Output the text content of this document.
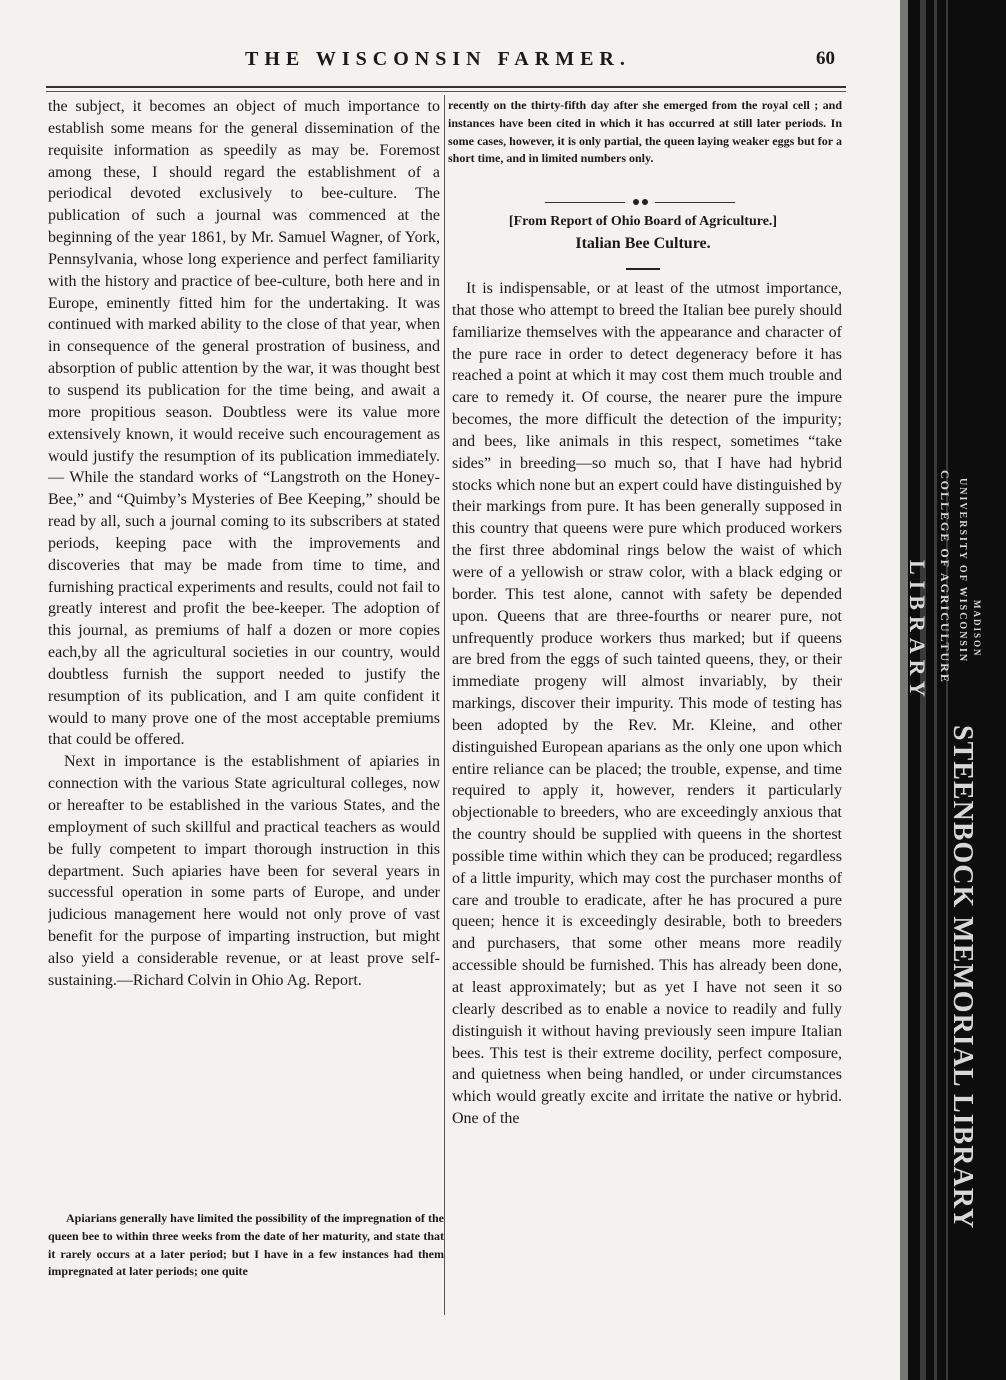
THE WISCONSIN FARMER.	60

the subject, it becomes an object of much importance to establish some means for the general dissemination of the requisite information as speedily as may be. Foremost among these, I should regard the establishment of a periodical devoted exclusively to bee-culture. The publication of such a journal was commenced at the beginning of the year 1861, by Mr. Samuel Wagner, of York, Pennsylvania, whose long experience and perfect familiarity with the history and practice of bee-culture, both here and in Europe, eminently fitted him for the undertaking. It was continued with marked ability to the close of that year, when in consequence of the general prostration of business, and absorption of public attention by the war, it was thought best to suspend its publication for the time being, and await a more propitious season. Doubtless were its value more extensively known, it would receive such encouragement as would justify the resumption of its publication immediately.— While the standard works of “Langstroth on the Honey-Bee,” and “Quimby’s Mysteries of Bee Keeping,” should be read by all, such a journal coming to its subscribers at stated periods, keeping pace with the improvements and discoveries that may be made from time to time, and furnishing practical experiments and results, could not fail to greatly interest and profit the bee-keeper. The adoption of this journal, as premiums of half a dozen or more copies each,by all the agricultural societies in our country, would doubtless furnish the support needed to justify the resumption of its publication, and I am quite confident it would to many prove one of the most acceptable premiums that could be offered.

Next in importance is the establishment of apiaries in connection with the various State agricultural colleges, now or hereafter to be established in the various States, and the employment of such skillful and practical teachers as would be fully competent to impart thorough instruction in this department. Such apiaries have been for several years in successful operation in some parts of Europe, and under judicious management here would not only prove of vast benefit for the purpose of imparting instruction, but might also yield a considerable revenue, or at least prove self-sustaining.—Richard Colvin in Ohio Ag. Report.

Apiarians generally have limited the possibility of the impregnation of the queen bee to within three weeks from the date of her maturity, and state that it rarely occurs at a later period; but I have in a few instances had them impregnated at later periods; one quite

recently on the thirty-fifth day after she emerged from the royal cell ; and instances have been cited in which it has occurred at still later periods. In some cases, however, it is only partial, the queen laying weaker eggs but for a short time, and in limited numbers only.

[From Report of Ohio Board of Agriculture.]
Italian Bee Culture.

It is indispensable, or at least of the utmost importance, that those who attempt to breed the Italian bee purely should familiarize themselves with the appearance and character of the pure race in order to detect degeneracy before it has reached a point at which it may cost them much trouble and care to remedy it. Of course, the nearer pure the impure becomes, the more difficult the detection of the impurity; and bees, like animals in this respect, sometimes “take sides” in breeding—so much so, that I have had hybrid stocks which none but an expert could have distinguished by their markings from pure. It has been generally supposed in this country that queens were pure which produced workers the first three abdominal rings below the waist of which were of a yellowish or straw color, with a black edging or border. This test alone, cannot with safety be depended upon. Queens that are three-fourths or nearer pure, not unfrequently produce workers thus marked; but if queens are bred from the eggs of such tainted queens, they, or their immediate progeny will almost invariably, by their markings, discover their impurity. This mode of testing has been adopted by the Rev. Mr. Kleine, and other distinguished European aparians as the only one upon which entire reliance can be placed; the trouble, expense, and time required to apply it, however, renders it particularly objectionable to breeders, who are exceedingly anxious that the country should be supplied with queens in the shortest possible time within which they can be produced; regardless of a little impurity, which may cost the purchaser months of care and trouble to eradicate, after he has procured a pure queen; hence it is exceedingly desirable, both to breeders and purchasers, that some other means more readily accessible should be furnished. This has already been done, at least approximately; but as yet I have not seen it so clearly described as to enable a novice to readily and fully distinguish it without having previously seen impure Italian bees. This test is their extreme docility, perfect composure, and quietness when being handled, or under circumstances which would greatly excite and irritate the native or hybrid. One of the

LIBRARY COLLEGE OF AGRICULTURE UNIVERSITY OF WISCONSIN MADISON
STEENBOCK MEMORIAL LIBRARY
